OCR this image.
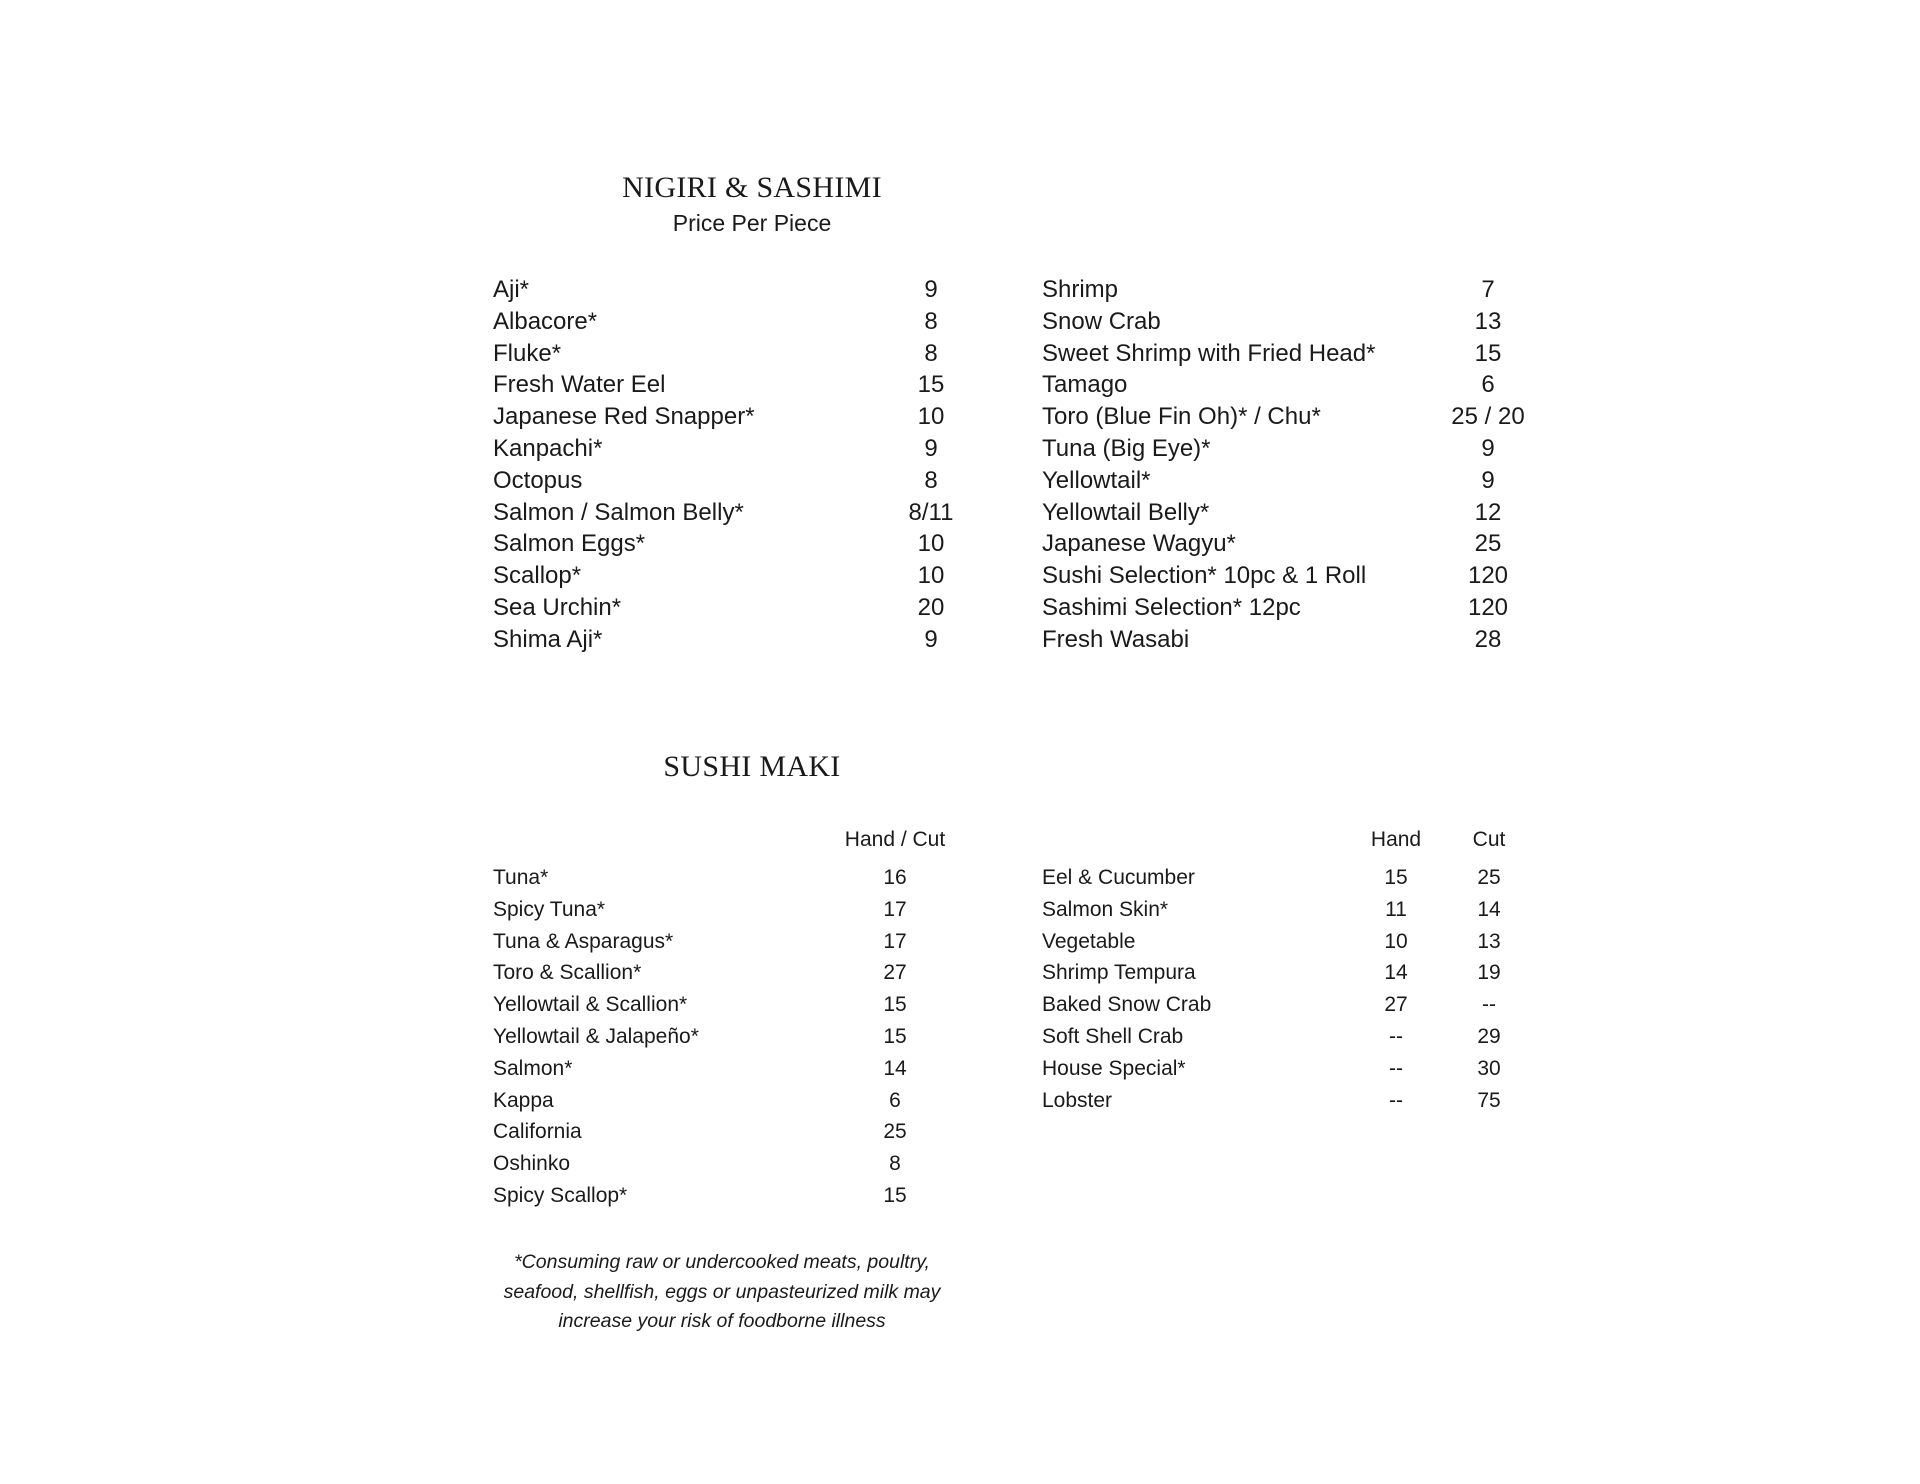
NIGIRI & SASHIMI
Price Per Piece
Aji*	9
Albacore*	8
Fluke*	8
Fresh Water Eel	15
Japanese Red Snapper*	10
Kanpachi*	9
Octopus	8
Salmon / Salmon Belly*	8/11
Salmon Eggs*	10
Scallop*	10
Sea Urchin*	20
Shima Aji*	9
Shrimp	7
Snow Crab	13
Sweet Shrimp with Fried Head*	15
Tamago	6
Toro (Blue Fin Oh)* / Chu*	25 / 20
Tuna (Big Eye)*	9
Yellowtail*	9
Yellowtail Belly*	12
Japanese Wagyu*	25
Sushi Selection* 10pc & 1 Roll	120
Sashimi Selection* 12pc	120
Fresh Wasabi	28
SUSHI MAKI
Hand / Cut	Hand Cut
Tuna*	16
Spicy Tuna*	17
Tuna & Asparagus*	17
Toro & Scallion*	27
Yellowtail & Scallion*	15
Yellowtail & Jalapeño*	15
Salmon*	14
Kappa	6
California	25
Oshinko	8
Spicy Scallop*	15
Eel & Cucumber	15	25
Salmon Skin*	11	14
Vegetable	10	13
Shrimp Tempura	14	19
Baked Snow Crab	27	--
Soft Shell Crab	--	29
House Special*	--	30
Lobster	--	75
*Consuming raw or undercooked meats, poultry, seafood, shellfish, eggs or unpasteurized milk may increase your risk of foodborne illness
